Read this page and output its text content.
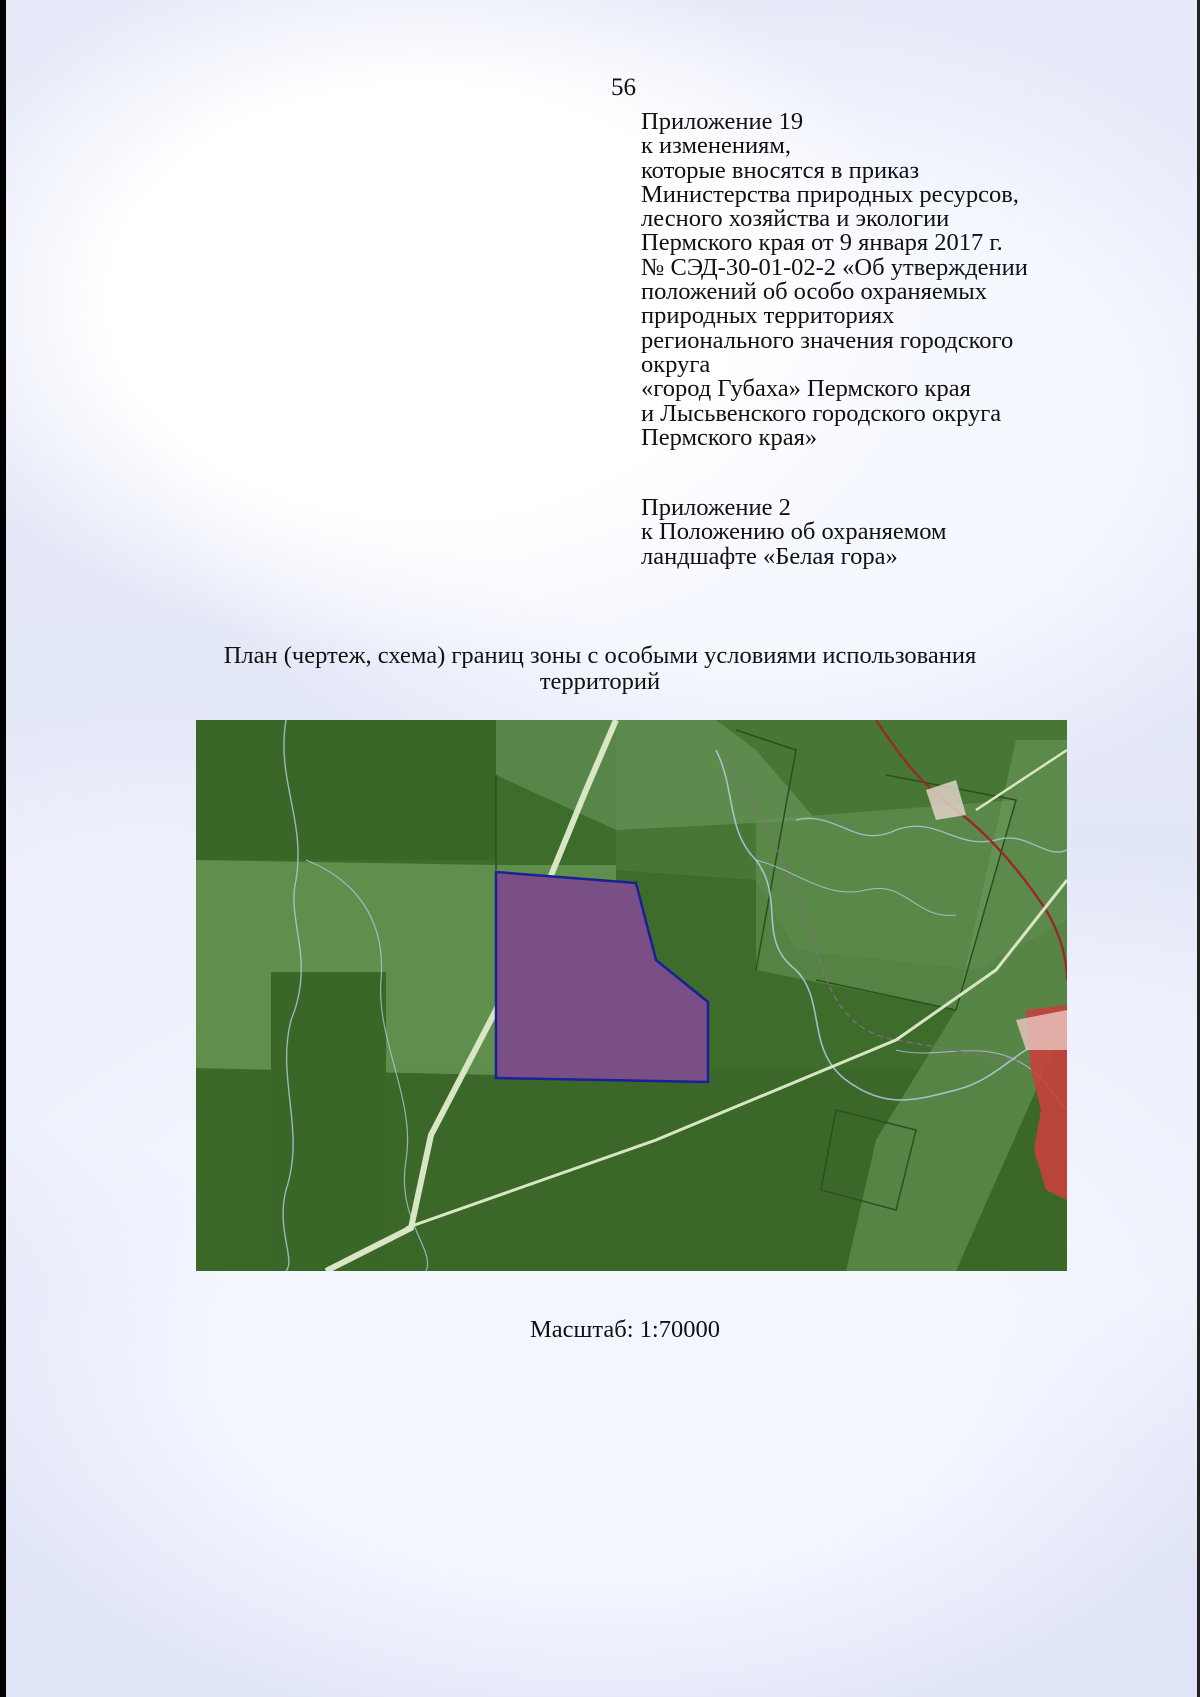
56
Приложение 19
к изменениям,
которые вносятся в приказ
Министерства природных ресурсов,
лесного хозяйства и экологии
Пермского края от 9 января 2017 г.
№ СЭД-30-01-02-2 «Об утверждении
положений об особо охраняемых
природных территориях
регионального значения городского
округа
«город Губаха» Пермского края
и Лысьвенского городского округа
Пермского края»
Приложение 2
к Положению об охраняемом
ландшафте «Белая гора»
План (чертеж, схема) границ зоны с особыми условиями использования
территорий
Масштаб: 1:70000
